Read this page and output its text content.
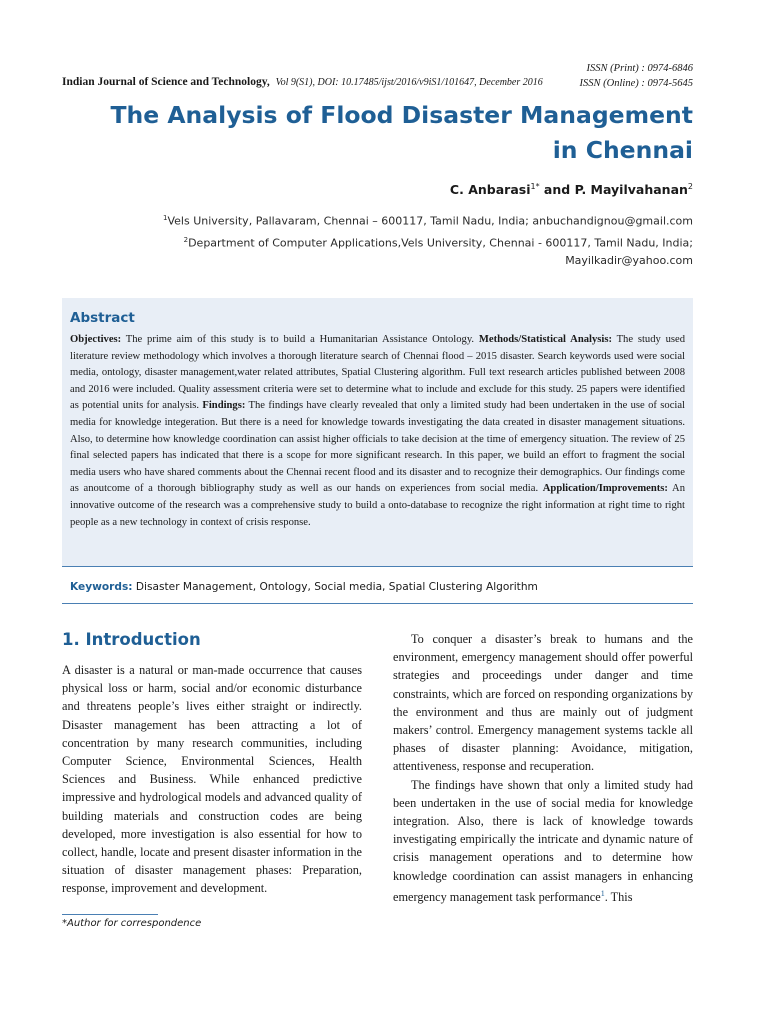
Indian Journal of Science and Technology, Vol 9(S1), DOI: 10.17485/ijst/2016/v9iS1/101647, December 2016
ISSN (Print) : 0974-6846
ISSN (Online) : 0974-5645
The Analysis of Flood Disaster Management in Chennai
C. Anbarasi$^{1*}$ and P. Mayilvahanan$^2$
$^1$Vels University, Pallavaram, Chennai – 600117, Tamil Nadu, India; anbuchandignou@gmail.com
$^2$Department of Computer Applications,Vels University, Chennai - 600117, Tamil Nadu, India;
Mayilkadir@yahoo.com
Abstract

Objectives: The prime aim of this study is to build a Humanitarian Assistance Ontology. Methods/Statistical Analysis: The study used literature review methodology which involves a thorough literature search of Chennai flood – 2015 disaster. Search keywords used were social media, ontology, disaster management,water related attributes, Spatial Clustering algorithm. Full text research articles published between 2008 and 2016 were included. Quality assessment criteria were set to determine what to include and exclude for this study. 25 papers were identified as potential units for analysis. Findings: The findings have clearly revealed that only a limited study had been undertaken in the use of social media for knowledge integeration. But there is a need for knowledge towards investigating the data created in disaster management situations. Also, to determine how knowledge coordination can assist higher officials to take decision at the time of emergency situation. The review of 25 final selected papers has indicated that there is a scope for more significant research. In this paper, we build an effort to fragment the social media users who have shared comments about the Chennai recent flood and its disaster and to recognize their demographics. Our findings come as anoutcome of a thorough bibliography study as well as our hands on experiences from social media. Application/Improvements: An innovative outcome of the research was a comprehensive study to build a onto-database to recognize the right information at right time to right people as a new technology in context of crisis response.

Keywords: Disaster Management, Ontology, Social media, Spatial Clustering Algorithm
1. Introduction

A disaster is a natural or man-made occurrence that causes physical loss or harm, social and/or economic disturbance and threatens people’s lives either straight or indirectly. Disaster management has been attracting a lot of concentration by many research communities, including Computer Science, Environmental Sciences, Health Sciences and Business. While enhanced predictive impressive and hydrological models and advanced quality of building materials and construction codes are being developed, more investigation is also essential for how to collect, handle, locate and present disaster information in the situation of disaster management phases: Preparation, response, improvement and development.

To conquer a disaster’s break to humans and the environment, emergency management should offer powerful strategies and proceedings under danger and time constraints, which are forced on responding organizations by the environment and thus are mainly out of judgment makers’ control. Emergency management systems tackle all phases of disaster planning: Avoidance, mitigation, attentiveness, response and recuperation.

The findings have shown that only a limited study had been undertaken in the use of social media for knowledge integration. Also, there is lack of knowledge towards investigating empirically the intricate and dynamic nature of crisis management operations and to determine how knowledge coordination can assist managers in enhancing emergency management task performance$^1$. This

*Author for correspondence
